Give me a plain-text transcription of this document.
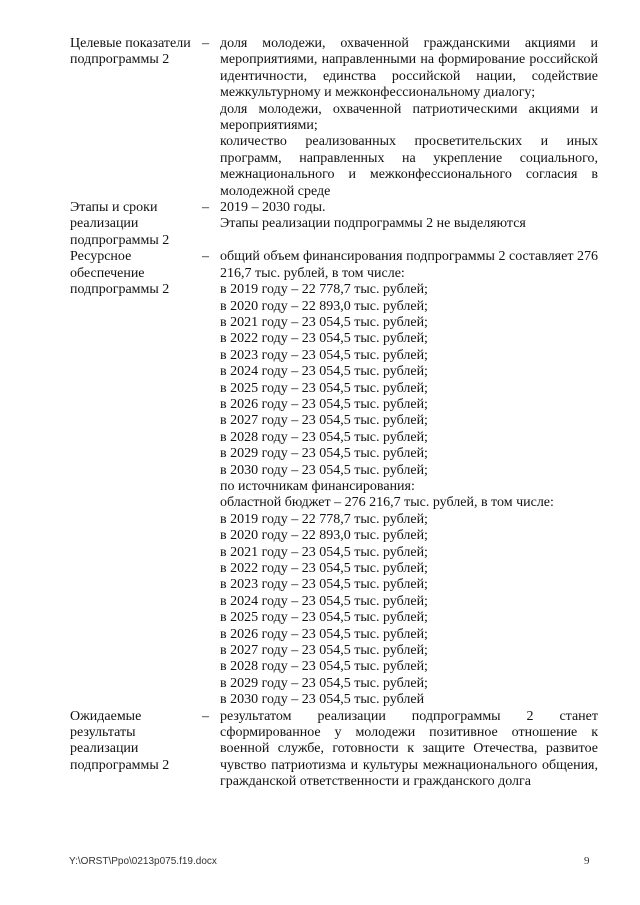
Целевые показатели подпрограммы 2
– доля молодежи, охваченной гражданскими акциями и мероприятиями, направленными на формирование российской идентичности, единства российской нации, содействие межкультурному и межконфессиональному диалогу;
доля молодежи, охваченной патриотическими акциями и мероприятиями;
количество реализованных просветительских и иных программ, направленных на укрепление социального, межнационального и межконфессионального согласия в молодежной среде
Этапы и сроки реализации подпрограммы 2
– 2019 – 2030 годы.
Этапы реализации подпрограммы 2 не выделяются
Ресурсное обеспечение подпрограммы 2
– общий объем финансирования подпрограммы 2 составляет 276 216,7 тыс. рублей, в том числе:
в 2019 году – 22 778,7 тыс. рублей;
в 2020 году – 22 893,0 тыс. рублей;
в 2021 году – 23 054,5 тыс. рублей;
в 2022 году – 23 054,5 тыс. рублей;
в 2023 году – 23 054,5 тыс. рублей;
в 2024 году – 23 054,5 тыс. рублей;
в 2025 году – 23 054,5 тыс. рублей;
в 2026 году – 23 054,5 тыс. рублей;
в 2027 году – 23 054,5 тыс. рублей;
в 2028 году – 23 054,5 тыс. рублей;
в 2029 году – 23 054,5 тыс. рублей;
в 2030 году – 23 054,5 тыс. рублей;
по источникам финансирования:
областной бюджет – 276 216,7 тыс. рублей, в том числе:
в 2019 году – 22 778,7 тыс. рублей;
в 2020 году – 22 893,0 тыс. рублей;
в 2021 году – 23 054,5 тыс. рублей;
в 2022 году – 23 054,5 тыс. рублей;
в 2023 году – 23 054,5 тыс. рублей;
в 2024 году – 23 054,5 тыс. рублей;
в 2025 году – 23 054,5 тыс. рублей;
в 2026 году – 23 054,5 тыс. рублей;
в 2027 году – 23 054,5 тыс. рублей;
в 2028 году – 23 054,5 тыс. рублей;
в 2029 году – 23 054,5 тыс. рублей;
в 2030 году – 23 054,5 тыс. рублей
Ожидаемые результаты реализации подпрограммы 2
– результатом реализации подпрограммы 2 станет сформированное у молодежи позитивное отношение к военной службе, готовности к защите Отечества, развитое чувство патриотизма и культуры межнационального общения, гражданской ответственности и гражданского долга
Y:\ORST\Ppo\0213p075.f19.docx	9
